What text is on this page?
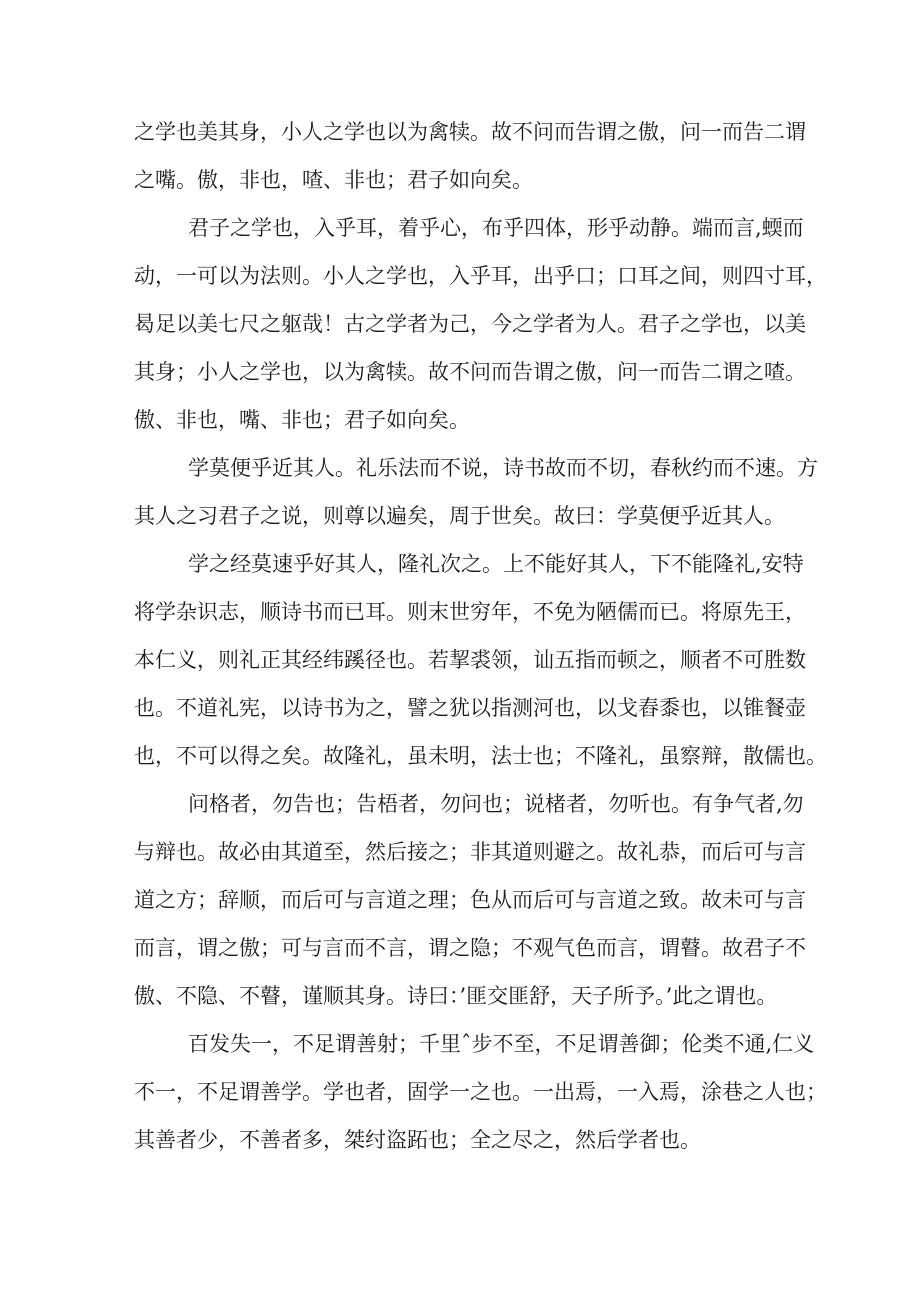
之学也美其身，小人之学也以为禽犊。故不问而告谓之傲，问一而告二谓
之嘴。傲，非也，喳、非也；君子如向矣。
君子之学也，入乎耳，着乎心，布乎四体，形乎动静。端而言,蝡而
动，一可以为法则。小人之学也，入乎耳，出乎口；口耳之间，则四寸耳，
曷足以美七尺之躯哉！古之学者为己，今之学者为人。君子之学也，以美
其身；小人之学也，以为禽犊。故不问而告谓之傲，问一而告二谓之喳。
傲、非也，嘴、非也；君子如向矣。
学莫便乎近其人。礼乐法而不说，诗书故而不切，春秋约而不速。方
其人之习君子之说，则尊以遍矣，周于世矣。故曰：学莫便乎近其人。
学之经莫速乎好其人，隆礼次之。上不能好其人，下不能隆礼,安特
将学杂识志，顺诗书而已耳。则末世穷年，不免为陋儒而已。将原先王，
本仁义，则礼正其经纬蹊径也。若挈裘领，讪五指而顿之，顺者不可胜数
也。不道礼宪，以诗书为之，譬之犹以指测河也，以戈舂黍也，以锥餐壶
也，不可以得之矣。故隆礼，虽未明，法士也；不隆礼，虽察辩，散儒也。
问格者，勿告也；告梧者，勿问也；说楮者，勿听也。有争气者,勿
与辩也。故必由其道至，然后接之；非其道则避之。故礼恭，而后可与言
道之方；辞顺，而后可与言道之理；色从而后可与言道之致。故未可与言
而言，谓之傲；可与言而不言，谓之隐；不观气色而言，谓瞽。故君子不
傲、不隐、不瞽，谨顺其身。诗曰：’匪交匪舒，天子所予。’此之谓也。
百发失一，不足谓善射；千里ˆ步不至，不足谓善御；伦类不通,仁义
不一，不足谓善学。学也者，固学一之也。一出焉，一入焉，涂巷之人也；
其善者少，不善者多，桀纣盗跖也；全之尽之，然后学者也。
